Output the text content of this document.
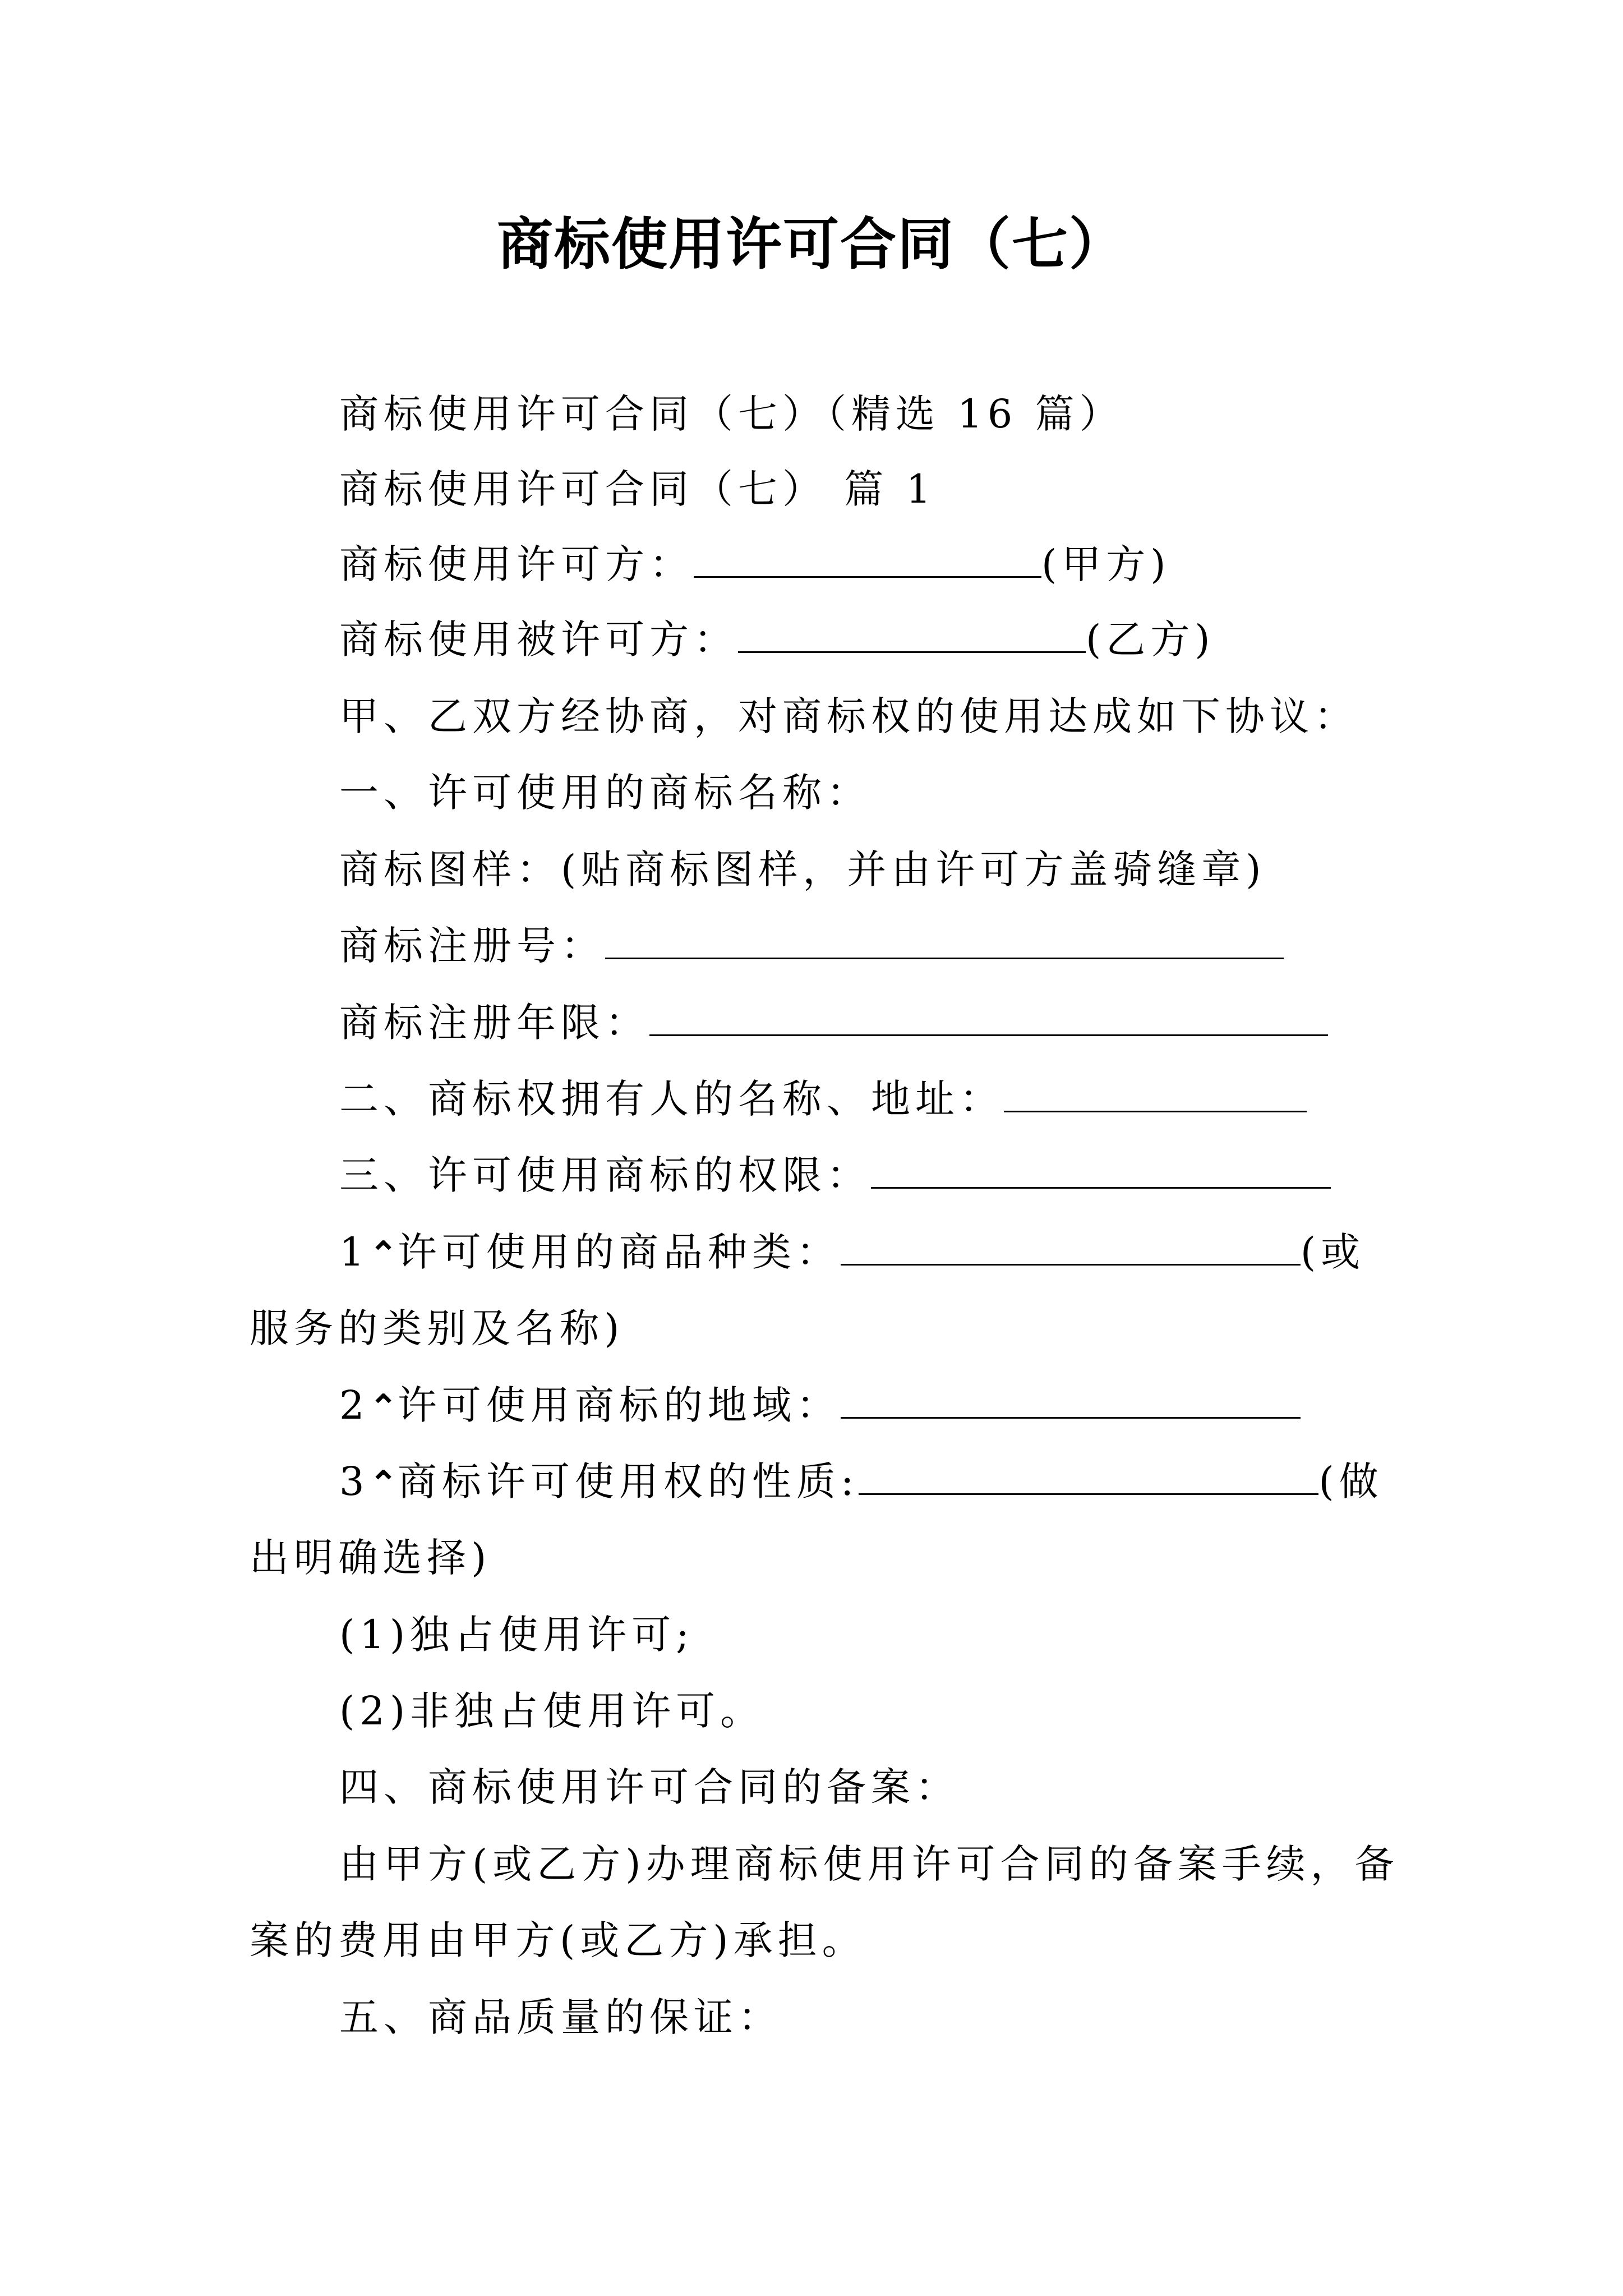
商标使用许可合同（七）

商标使用许可合同（七）（精选 16 篇）

商标使用许可合同（七） 篇 1

商标使用许可方：	(甲方)

商标使用被许可方：	(乙方)

甲、乙双方经协商，对商标权的使用达成如下协议：

一、许可使用的商标名称：

商标图样：(贴商标图样，并由许可方盖骑缝章)

商标注册号：

商标注册年限：

二、商标权拥有人的名称、地址：

三、许可使用商标的权限：

1⌃许可使用的商品种类：	(或

服务的类别及名称)

2⌃许可使用商标的地域：

3⌃商标许可使用权的性质:	(做

出明确选择)

(1)独占使用许可;

(2)非独占使用许可。

四、商标使用许可合同的备案：

由甲方(或乙方)办理商标使用许可合同的备案手续，备

案的费用由甲方(或乙方)承担。

五、商品质量的保证：
